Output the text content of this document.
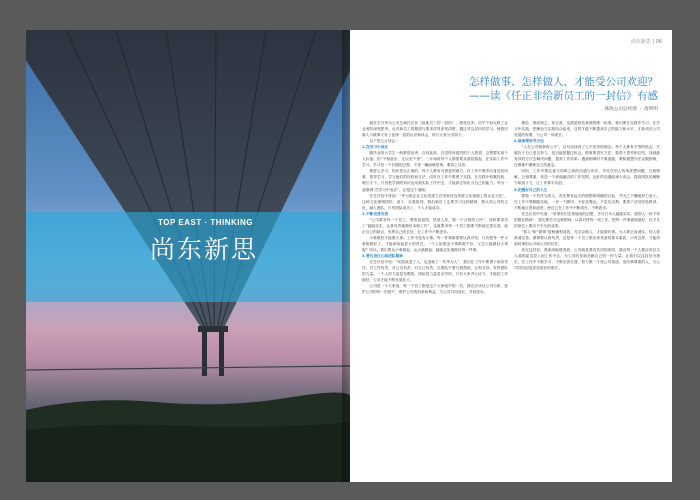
TOP EAST · THINKING
尚东新思
尚东新思 | 06
怎样做事、怎样做人，才能受公司欢迎？
——读《任正非给新员工的一封信》有感
珠海公司总经理 ・ 唐坤明

最近学习华为公司总裁任正非《致新员工的一封信》，感受良多。信中不但反映了企业者的深刻思考，也对新员工的期望与要求讲得非常清楚，通过对这封信的学习，使我对做人与做事又有了更深一层的认识和体会，现与大家分享如下。

以下是几点体会：

1.在学习中成长

刚毕业的大学生一般都很优秀，自视甚高，总觉得有强烈的个人愿望，总想要实现个人价值。但“不积跬步，无以至千里”，一开始时每个人都需要从基层做起，在实际工作中学习。学习是一个长期的过程，不是一蹴而就的事，要持之以恒。

要虚心学习，知识是无止境的，每个人都有可借鉴的地方。在工作中要多向身边的同事、领导学习，学习他们的经验和方法，同时在工作中要勇于实践，在实践中积累经验、增长才干。只有把学到的知识运用到实际工作中去，才能真正转化为自己的能力。华为一直强调“在学习中成长”，正是这个道理。

任总在信中讲到：“华为的企业文化是建立在国家优良传统文化基础上的企业文化”，这种文化强调团结、奋斗、自我批判，我们新员工也要学习这种精神，要认同公司的文化，融入团队，只有团队成功了，个人才能成功。

2.不断完善自我

“公司要求每一个员工，要热爱祖国，热爱人民，做一个合格的公民”，同时要求员工“踏踏实实，认真负责地做好本职工作”，这就要求每一个员工都要不断地完善自我，改正自己的缺点，发挥自己的长处，在工作中不断进步。

小事做好才能做大事。工作中没有小事，每一件事都需要认真对待，只有把每一件小事都做好了，才能承担起更大的责任。一个人如果连小事都做不好，又怎么能做好大事呢？所以，我们要从小事做起，从点滴做起，踏踏实实地做好每一件事。

3.要有责任心和团队精神

任总在信中说：“实践改造了人，也造就了一代华为人”，我们在工作中要勇于承担责任，对工作负责，对公司负责，对自己负责。在团队中要互相帮助，互相支持，发挥团队的力量。一个人的力量是有限的，团队的力量是无穷的，只有大家齐心协力，才能把工作做好，公司才能不断发展壮大。

公司是一个大家庭，每一个员工都是这个大家庭中的一员，我们应该以公司为家，爱护公司的每一份财产，维护公司的形象和利益，与公司共同成长，共同进步。

理论，推而知之。常言道，实践是检验真理的唯一标准，我们要在实践中学习，在学习中实践，把理论与实践结合起来，这样才能不断提高自己的能力和水平，才能适应公司发展的需要，与公司一同成长。

4.做事要讲究方法

“人在公司做事的公平”，这句话体现了公平竞争的理念。每个人都有平等的机会，关键在于自己是否努力，是否能把握住机会。做事要讲究方法，要善于思考和总结，找到最有效的方法去解决问题，提高工作效率。遇到困难时不要退缩，要积极想办法克服困难，在困难中磨炼自己的意志。

同时，工作中要注意与同事之间的沟通与协作，多站在别人的角度想问题，互相理解，互相尊重，营造一个和谐融洽的工作氛围。良好的沟通能减少误会，提高团队的凝聚力和战斗力，让工作事半功倍。

5.把握好自己的人生

要做一个有作为的人，首先要有远大的理想和明确的目标，并为之不懈地努力奋斗。在工作中要脚踏实地，一步一个脚印，不好高骛远，不急功近利。要善于总结经验教训，不断地反思和改进，使自己在工作中不断成长、不断进步。

任总在信中写道：“希望你们丢掉速成的幻想，学习日本人踏踏实实、德国人一丝不苟的敬业精神”，我们要学习这种精神，认真对待每一项工作，把每一件事做到最好，在平凡的岗位上做出不平凡的业绩。

“做人”和“做事”是相辅相成的，先学会做人，才能做好事。为人要正直诚实，待人要真诚友善，做事要认真负责，这是每一个员工都应该具备的基本素质。只有这样，才能得到同事的认可和公司的信任。

读完这封信，我深深地感受到，公司就是我们共同的家园，我们每一个人都应该以主人翁的姿态投入到工作中去，为公司的发展贡献自己的一份力量。让我们以这封信为指引，在工作中不断学习，不断完善自我，努力做一个受公司欢迎、受同事尊重的人，与公司共同创造更加美好的明天。
